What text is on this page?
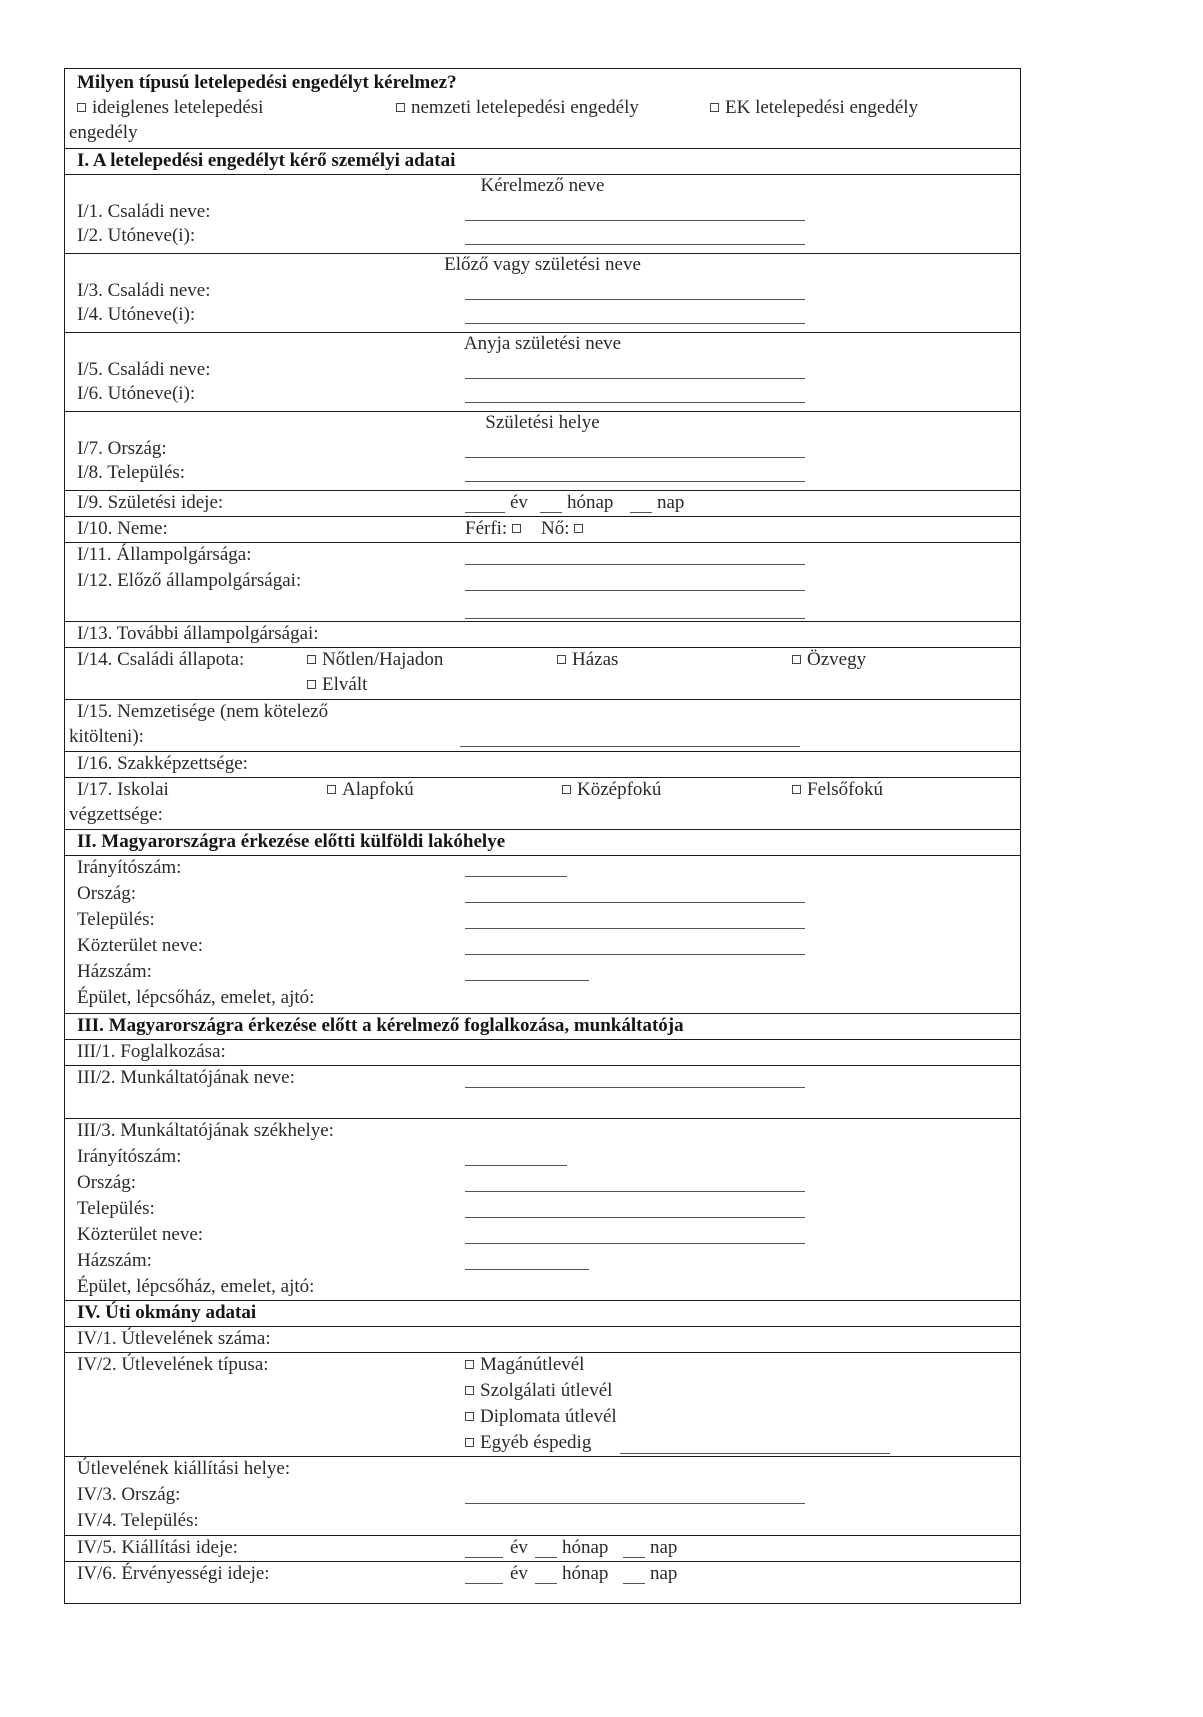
Milyen típusú letelepedési engedélyt kérelmez?
ideiglenes letelepedési
engedély
nemzeti letelepedési engedély	EK letelepedési engedély
I. A letelepedési engedélyt kérő személyi adatai
Kérelmező neve
I/1. Családi neve:
I/2. Utóneve(i):
Előző vagy születési neve
I/3. Családi neve:
I/4. Utóneve(i):
Anyja születési neve
I/5. Családi neve:
I/6. Utóneve(i):
Születési helye
I/7. Ország:
I/8. Település:
I/9. Születési ideje:	év hónap nap
I/10. Neme:	Férfi:	Nő:
I/11. Állampolgársága:
I/12. Előző állampolgárságai:
I/13. További állampolgárságai:
I/14. Családi állapota:	Nőtlen/Hajadon	Házas	Özvegy
Elvált
I/15. Nemzetisége (nem kötelező
kitölteni):
I/16. Szakképzettsége:
I/17. Iskolai
végzettsége:
Alapfokú	Középfokú	Felsőfokú
II. Magyarországra érkezése előtti külföldi lakóhelye
Irányítószám:
Ország:
Település:
Közterület neve:
Házszám:
Épület, lépcsőház, emelet, ajtó:
III. Magyarországra érkezése előtt a kérelmező foglalkozása, munkáltatója
III/1. Foglalkozása:
III/2. Munkáltatójának neve:
III/3. Munkáltatójának székhelye:
Irányítószám:
Ország:
Település:
Közterület neve:
Házszám:
Épület, lépcsőház, emelet, ajtó:
IV. Úti okmány adatai
IV/1. Útlevelének száma:
IV/2. Útlevelének típusa:	Magánútlevél
Szolgálati útlevél
Diplomata útlevél
Egyéb éspedig
Útlevelének kiállítási helye:
IV/3. Ország:
IV/4. Település:
IV/5. Kiállítási ideje:	év hónap nap
IV/6. Érvényességi ideje:	év hónap nap
